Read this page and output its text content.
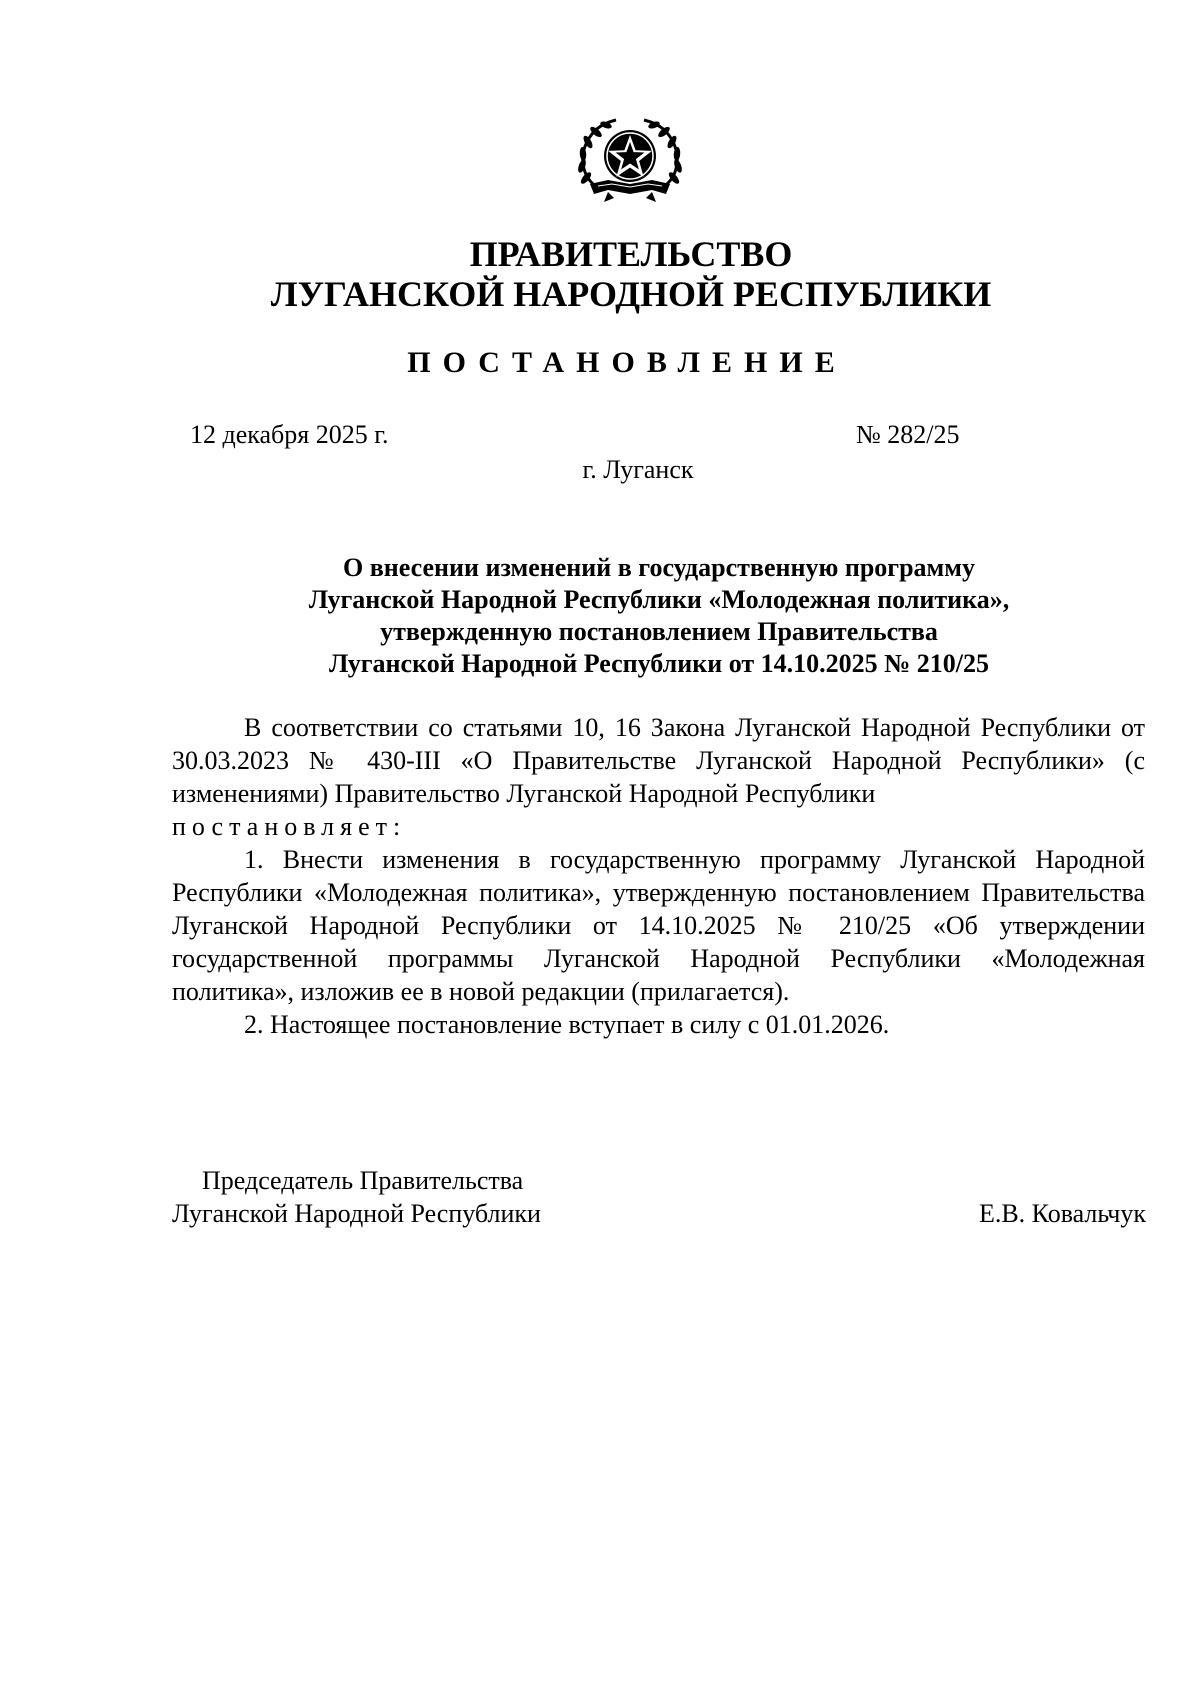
ПРАВИТЕЛЬСТВО
ЛУГАНСКОЙ НАРОДНОЙ РЕСПУБЛИКИ
ПОСТАНОВЛЕНИЕ
12 декабря 2025 г.	№ 282/25
г. Луганск
О внесении изменений в государственную программу
Луганской Народной Республики «Молодежная политика»,
утвержденную постановлением Правительства
Луганской Народной Республики от 14.10.2025 № 210/25

В соответствии со статьями 10, 16 Закона Луганской Народной Республики от 30.03.2023 № 430-III «О Правительстве Луганской Народной Республики» (с изменениями) Правительство Луганской Народной Республики
постановляет:

1. Внести изменения в государственную программу Луганской Народной Республики «Молодежная политика», утвержденную постановлением Правительства Луганской Народной Республики от 14.10.2025 № 210/25 «Об утверждении государственной программы Луганской Народной Республики «Молодежная политика», изложив ее в новой редакции (прилагается).

2. Настоящее постановление вступает в силу с 01.01.2026.

Председатель Правительства
Луганской Народной Республики	Е.В. Ковальчук
